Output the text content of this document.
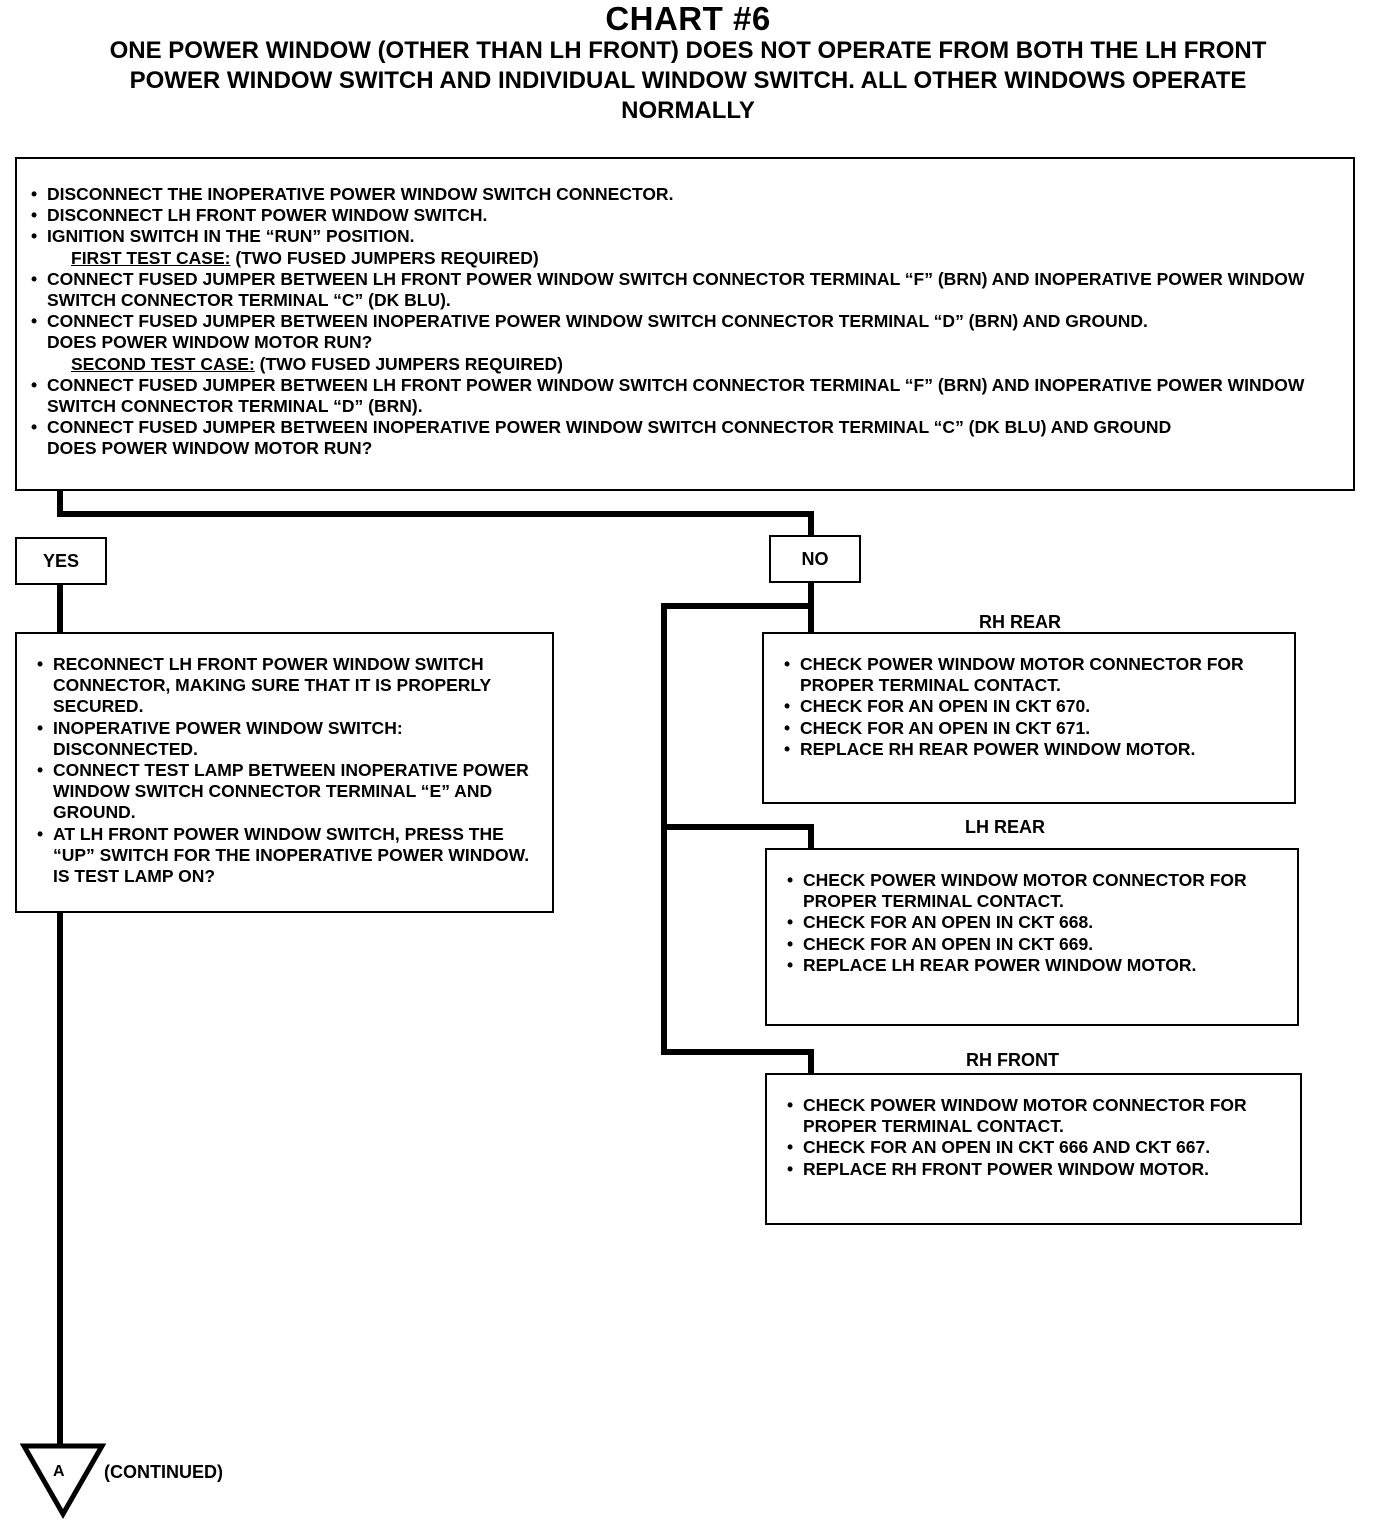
CHART #6
ONE POWER WINDOW (OTHER THAN LH FRONT) DOES NOT OPERATE FROM BOTH THE LH FRONT
POWER WINDOW SWITCH AND INDIVIDUAL WINDOW SWITCH. ALL OTHER WINDOWS OPERATE
NORMALLY
• DISCONNECT THE INOPERATIVE POWER WINDOW SWITCH CONNECTOR.
• DISCONNECT LH FRONT POWER WINDOW SWITCH.
• IGNITION SWITCH IN THE “RUN” POSITION.
FIRST TEST CASE: (TWO FUSED JUMPERS REQUIRED)
• CONNECT FUSED JUMPER BETWEEN LH FRONT POWER WINDOW SWITCH CONNECTOR TERMINAL “F” (BRN) AND INOPERATIVE POWER WINDOW SWITCH CONNECTOR TERMINAL “C” (DK BLU).
• CONNECT FUSED JUMPER BETWEEN INOPERATIVE POWER WINDOW SWITCH CONNECTOR TERMINAL “D” (BRN) AND GROUND.
DOES POWER WINDOW MOTOR RUN?
SECOND TEST CASE: (TWO FUSED JUMPERS REQUIRED)
• CONNECT FUSED JUMPER BETWEEN LH FRONT POWER WINDOW SWITCH CONNECTOR TERMINAL “F” (BRN) AND INOPERATIVE POWER WINDOW SWITCH CONNECTOR TERMINAL “D” (BRN).
• CONNECT FUSED JUMPER BETWEEN INOPERATIVE POWER WINDOW SWITCH CONNECTOR TERMINAL “C” (DK BLU) AND GROUND
DOES POWER WINDOW MOTOR RUN?
YES	NO
• RECONNECT LH FRONT POWER WINDOW SWITCH CONNECTOR, MAKING SURE THAT IT IS PROPERLY SECURED.
• INOPERATIVE POWER WINDOW SWITCH: DISCONNECTED.
• CONNECT TEST LAMP BETWEEN INOPERATIVE POWER WINDOW SWITCH CONNECTOR TERMINAL “E” AND GROUND.
• AT LH FRONT POWER WINDOW SWITCH, PRESS THE “UP” SWITCH FOR THE INOPERATIVE POWER WINDOW.
IS TEST LAMP ON?
RH REAR
• CHECK POWER WINDOW MOTOR CONNECTOR FOR PROPER TERMINAL CONTACT.
• CHECK FOR AN OPEN IN CKT 670.
• CHECK FOR AN OPEN IN CKT 671.
• REPLACE RH REAR POWER WINDOW MOTOR.
LH REAR
• CHECK POWER WINDOW MOTOR CONNECTOR FOR PROPER TERMINAL CONTACT.
• CHECK FOR AN OPEN IN CKT 668.
• CHECK FOR AN OPEN IN CKT 669.
• REPLACE LH REAR POWER WINDOW MOTOR.
RH FRONT
• CHECK POWER WINDOW MOTOR CONNECTOR FOR PROPER TERMINAL CONTACT.
• CHECK FOR AN OPEN IN CKT 666 AND CKT 667.
• REPLACE RH FRONT POWER WINDOW MOTOR.
A (CONTINUED)
